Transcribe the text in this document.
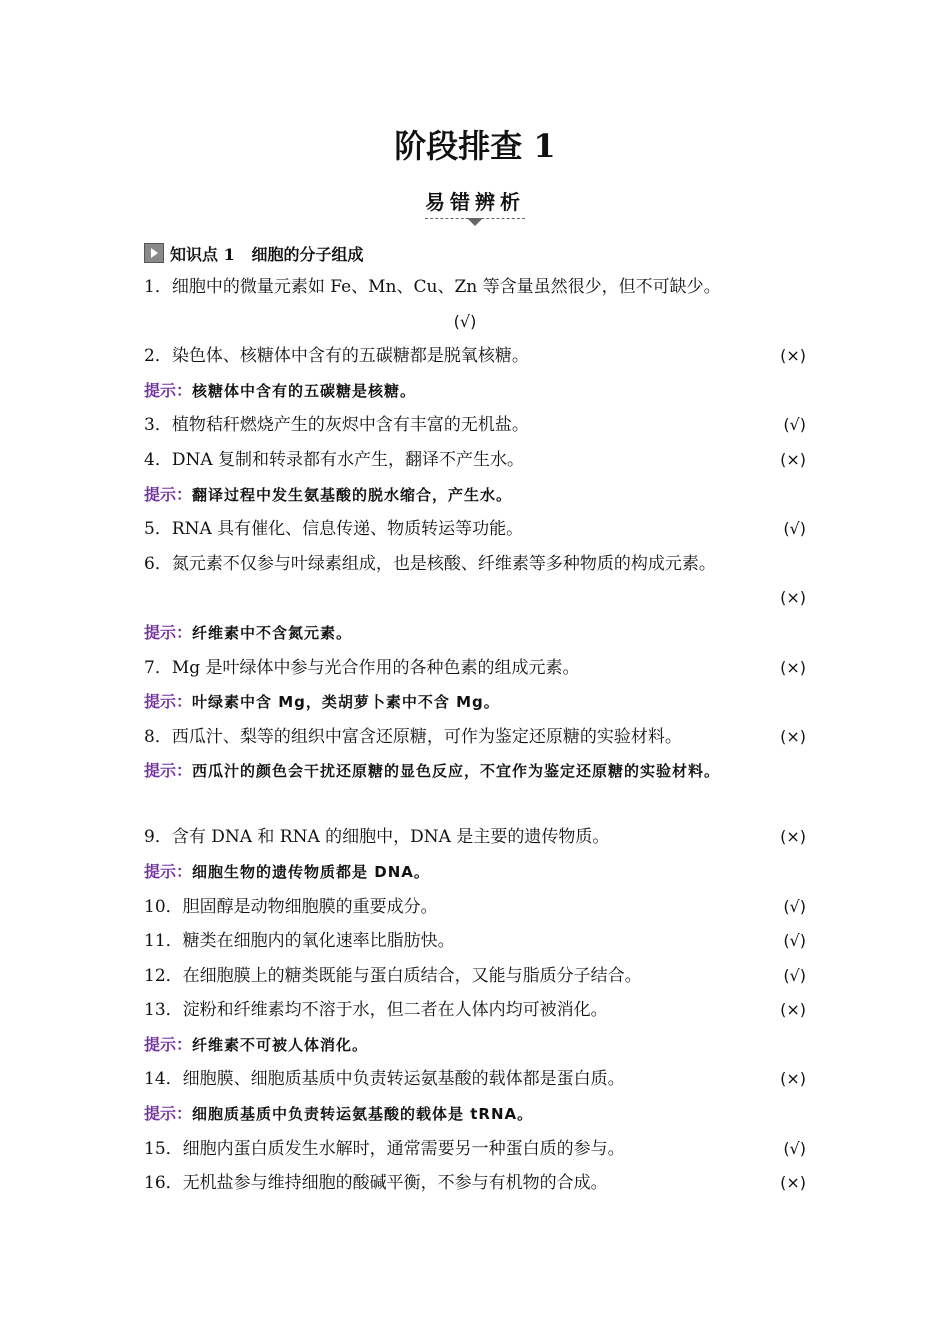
阶段排查 1
易错辨析
知识点 1
细胞的分子组成
1．细胞中的微量元素如 Fe、Mn、Cu、Zn 等含量虽然很少，但不可缺少。
(√)
2．染色体、核糖体中含有的五碳糖都是脱氧核糖。	(×)
提示：核糖体中含有的五碳糖是核糖。
3．植物秸秆燃烧产生的灰烬中含有丰富的无机盐。	(√)
4．DNA 复制和转录都有水产生，翻译不产生水。	(×)
提示：翻译过程中发生氨基酸的脱水缩合，产生水。
5．RNA 具有催化、信息传递、物质转运等功能。	(√)
6．氮元素不仅参与叶绿素组成，也是核酸、纤维素等多种物质的构成元素。
(×)
提示：纤维素中不含氮元素。
7．Mg 是叶绿体中参与光合作用的各种色素的组成元素。	(×)
提示：叶绿素中含 Mg，类胡萝卜素中不含 Mg。
8．西瓜汁、梨等的组织中富含还原糖，可作为鉴定还原糖的实验材料。	(×)
提示：西瓜汁的颜色会干扰还原糖的显色反应，不宜作为鉴定还原糖的实验材料。
9．含有 DNA 和 RNA 的细胞中，DNA 是主要的遗传物质。	(×)
提示：细胞生物的遗传物质都是 DNA。
10．胆固醇是动物细胞膜的重要成分。	(√)
11．糖类在细胞内的氧化速率比脂肪快。	(√)
12．在细胞膜上的糖类既能与蛋白质结合，又能与脂质分子结合。	(√)
13．淀粉和纤维素均不溶于水，但二者在人体内均可被消化。	(×)
提示：纤维素不可被人体消化。
14．细胞膜、细胞质基质中负责转运氨基酸的载体都是蛋白质。	(×)
提示：细胞质基质中负责转运氨基酸的载体是 tRNA。
15．细胞内蛋白质发生水解时，通常需要另一种蛋白质的参与。	(√)
16．无机盐参与维持细胞的酸碱平衡，不参与有机物的合成。	(×)
